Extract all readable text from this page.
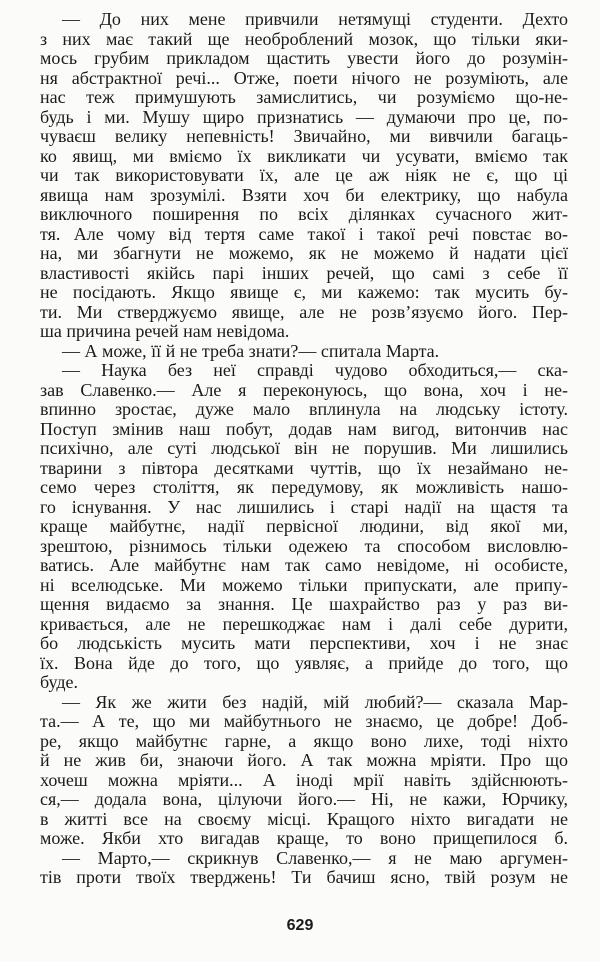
— До них мене привчили нетямущі студенти. Дехто
з них має такий ще необроблений мозок, що тільки яки-
мось грубим прикладом щастить увести його до розумін-
ня абстрактної речі... Отже, поети нічого не розуміють, але
нас теж примушують замислитись, чи розуміємо що-не-
будь і ми. Мушу щиро признатись — думаючи про це, по-
чуваєш велику непевність! Звичайно, ми вивчили багаць-
ко явищ, ми вміємо їх викликати чи усувати, вміємо так
чи так використовувати їх, але це аж ніяк не є, що ці
явища нам зрозумілі. Взяти хоч би електрику, що набула
виключного поширення по всіх ділянках сучасного жит-
тя. Але чому від тертя саме такої і такої речі повстає во-
на, ми збагнути не можемо, як не можемо й надати цієї
властивості якійсь парі інших речей, що самі з себе її
не посідають. Якщо явище є, ми кажемо: так мусить бу-
ти. Ми стверджуємо явище, але не розв’язуємо його. Пер-
ша причина речей нам невідома.
— А може, її й не треба знати?— спитала Марта.
— Наука без неї справді чудово обходиться,— ска-
зав Славенко.— Але я переконуюсь, що вона, хоч і не-
впинно зростає, дуже мало вплинула на людську істоту.
Поступ змінив наш побут, додав нам вигод, витончив нас
психічно, але суті людської він не порушив. Ми лишились
тварини з півтора десятками чуттів, що їх незаймано не-
семо через століття, як передумову, як можливість нашо-
го існування. У нас лишились і старі надії на щастя та
краще майбутнє, надії первісної людини, від якої ми,
зрештою, різнимось тільки одежею та способом висловлю-
ватись. Але майбутнє нам так само невідоме, ні особисте,
ні вселюдське. Ми можемо тільки припускати, але припу-
щення видаємо за знання. Це шахрайство раз у раз ви-
кривається, але не перешкоджає нам і далі себе дурити,
бо людськість мусить мати перспективи, хоч і не знає
їх. Вона йде до того, що уявляє, а прийде до того, що
буде.
— Як же жити без надій, мій любий?— сказала Мар-
та.— А те, що ми майбутнього не знаємо, це добре! Доб-
ре, якщо майбутнє гарне, а якщо воно лихе, тоді ніхто
й не жив би, знаючи його. А так можна мріяти. Про що
хочеш можна мріяти... А іноді мрії навіть здійснюють-
ся,— додала вона, цілуючи його.— Ні, не кажи, Юрчику,
в житті все на своєму місці. Кращого ніхто вигадати не
може. Якби хто вигадав краще, то воно прищепилося б.
— Марто,— скрикнув Славенко,— я не маю аргумен-
тів проти твоїх тверджень! Ти бачиш ясно, твій розум не
629
